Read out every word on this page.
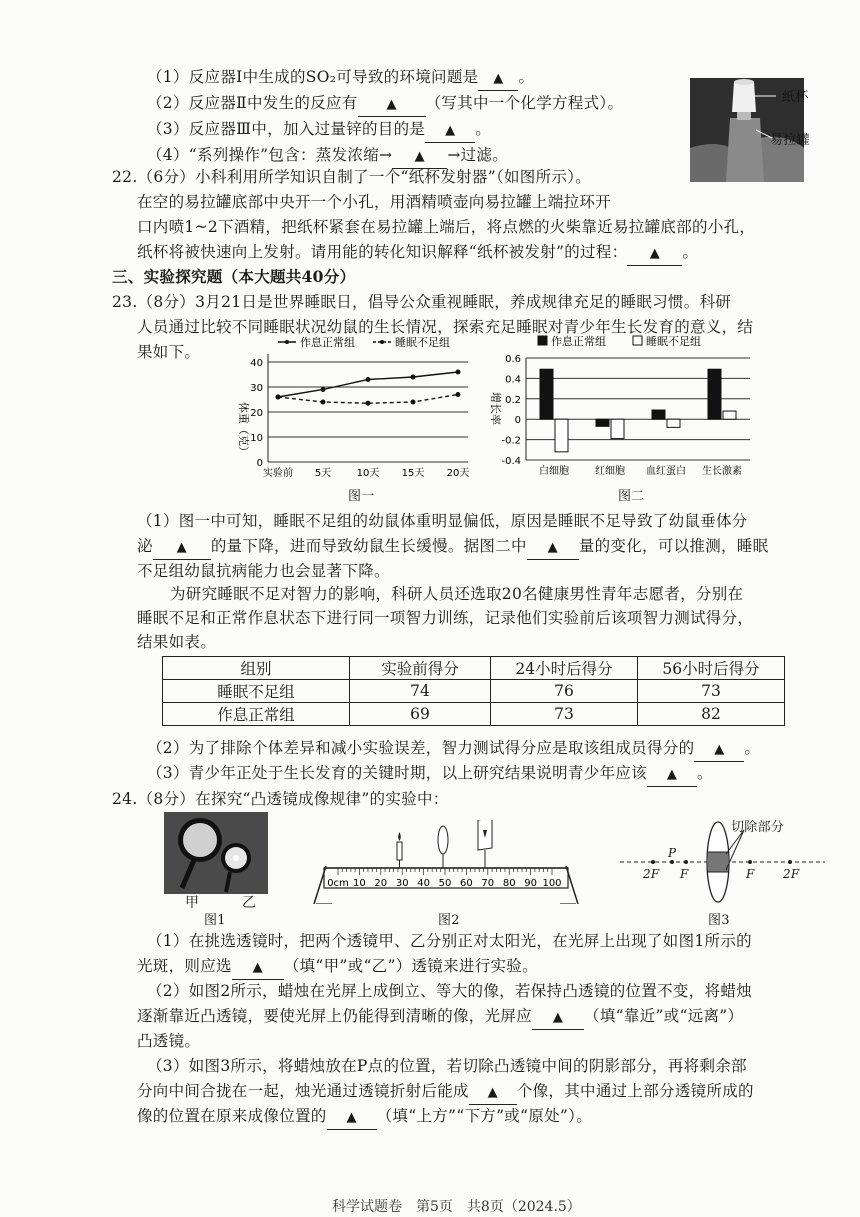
（1）反应器Ⅰ中生成的SO₂可导致的环境问题是 ▲ 。
（2）反应器Ⅱ中发生的反应有 ▲ （写其中一个化学方程式）。
（3）反应器Ⅲ中，加入过量锌的目的是 ▲ 。
（4）“系列操作”包含：蒸发浓缩→ ▲ →过滤。
纸杯
易拉罐
22.（6分）小科利用所学知识自制了一个“纸杯发射器”（如图所示）。
在空的易拉罐底部中央开一个小孔，用酒精喷壶向易拉罐上端拉环开
口内喷1~2下酒精，把纸杯紧套在易拉罐上端后，将点燃的火柴靠近易拉罐底部的小孔，
纸杯将被快速向上发射。请用能的转化知识解释“纸杯被发射”的过程： ▲ 。
三、实验探究题（本大题共40分）
23.（8分）3月21日是世界睡眠日，倡导公众重视睡眠，养成规律充足的睡眠习惯。科研
人员通过比较不同睡眠状况幼鼠的生长情况，探索充足睡眠对青少年生长发育的意义，结
果如下。
0
10
20
30
40
体重（克）
实验前 5天	10天 15天 20天
作息正常组	睡眠不足组
图一
-0.4
-0.2
0
0.2
0.4
0.6
增长率
白细胞	红细胞 血红蛋白 生长激素
作息正常组	睡眠不足组
图二
（1）图一中可知，睡眠不足组的幼鼠体重明显偏低，原因是睡眠不足导致了幼鼠垂体分
泌 ▲ 的量下降，进而导致幼鼠生长缓慢。据图二中 ▲ 量的变化，可以推测，睡眠
不足组幼鼠抗病能力也会显著下降。
为研究睡眠不足对智力的影响，科研人员还选取20名健康男性青年志愿者，分别在
睡眠不足和正常作息状态下进行同一项智力训练，记录他们实验前后该项智力测试得分，
结果如表。
组别	实验前得分	24小时后得分	56小时后得分
睡眠不足组	74	76	73
作息正常组	69	73	82
（2）为了排除个体差异和减小实验误差，智力测试得分应是取该组成员得分的 ▲ 。
（3）青少年正处于生长发育的关键时期，以上研究结果说明青少年应该 ▲ 。
24.（8分）在探究“凸透镜成像规律”的实验中：
甲	乙
图1
0cm 10 20 30 40 50 60 70 80 90 100
图2
切除部分
2F
P
F	F 2F
图3
（1）在挑选透镜时，把两个透镜甲、乙分别正对太阳光，在光屏上出现了如图1所示的
光斑，则应选 ▲ （填“甲”或“乙”）透镜来进行实验。
（2）如图2所示，蜡烛在光屏上成倒立、等大的像，若保持凸透镜的位置不变，将蜡烛
逐渐靠近凸透镜，要使光屏上仍能得到清晰的像，光屏应 ▲ （填“靠近”或“远离”）
凸透镜。
（3）如图3所示，将蜡烛放在P点的位置，若切除凸透镜中间的阴影部分，再将剩余部
分向中间合拢在一起，烛光通过透镜折射后能成 ▲ 个像，其中通过上部分透镜所成的
像的位置在原来成像位置的 ▲ （填“上方”“下方”或“原处”）。
科学试题卷　第5页　共8页（2024.5）
